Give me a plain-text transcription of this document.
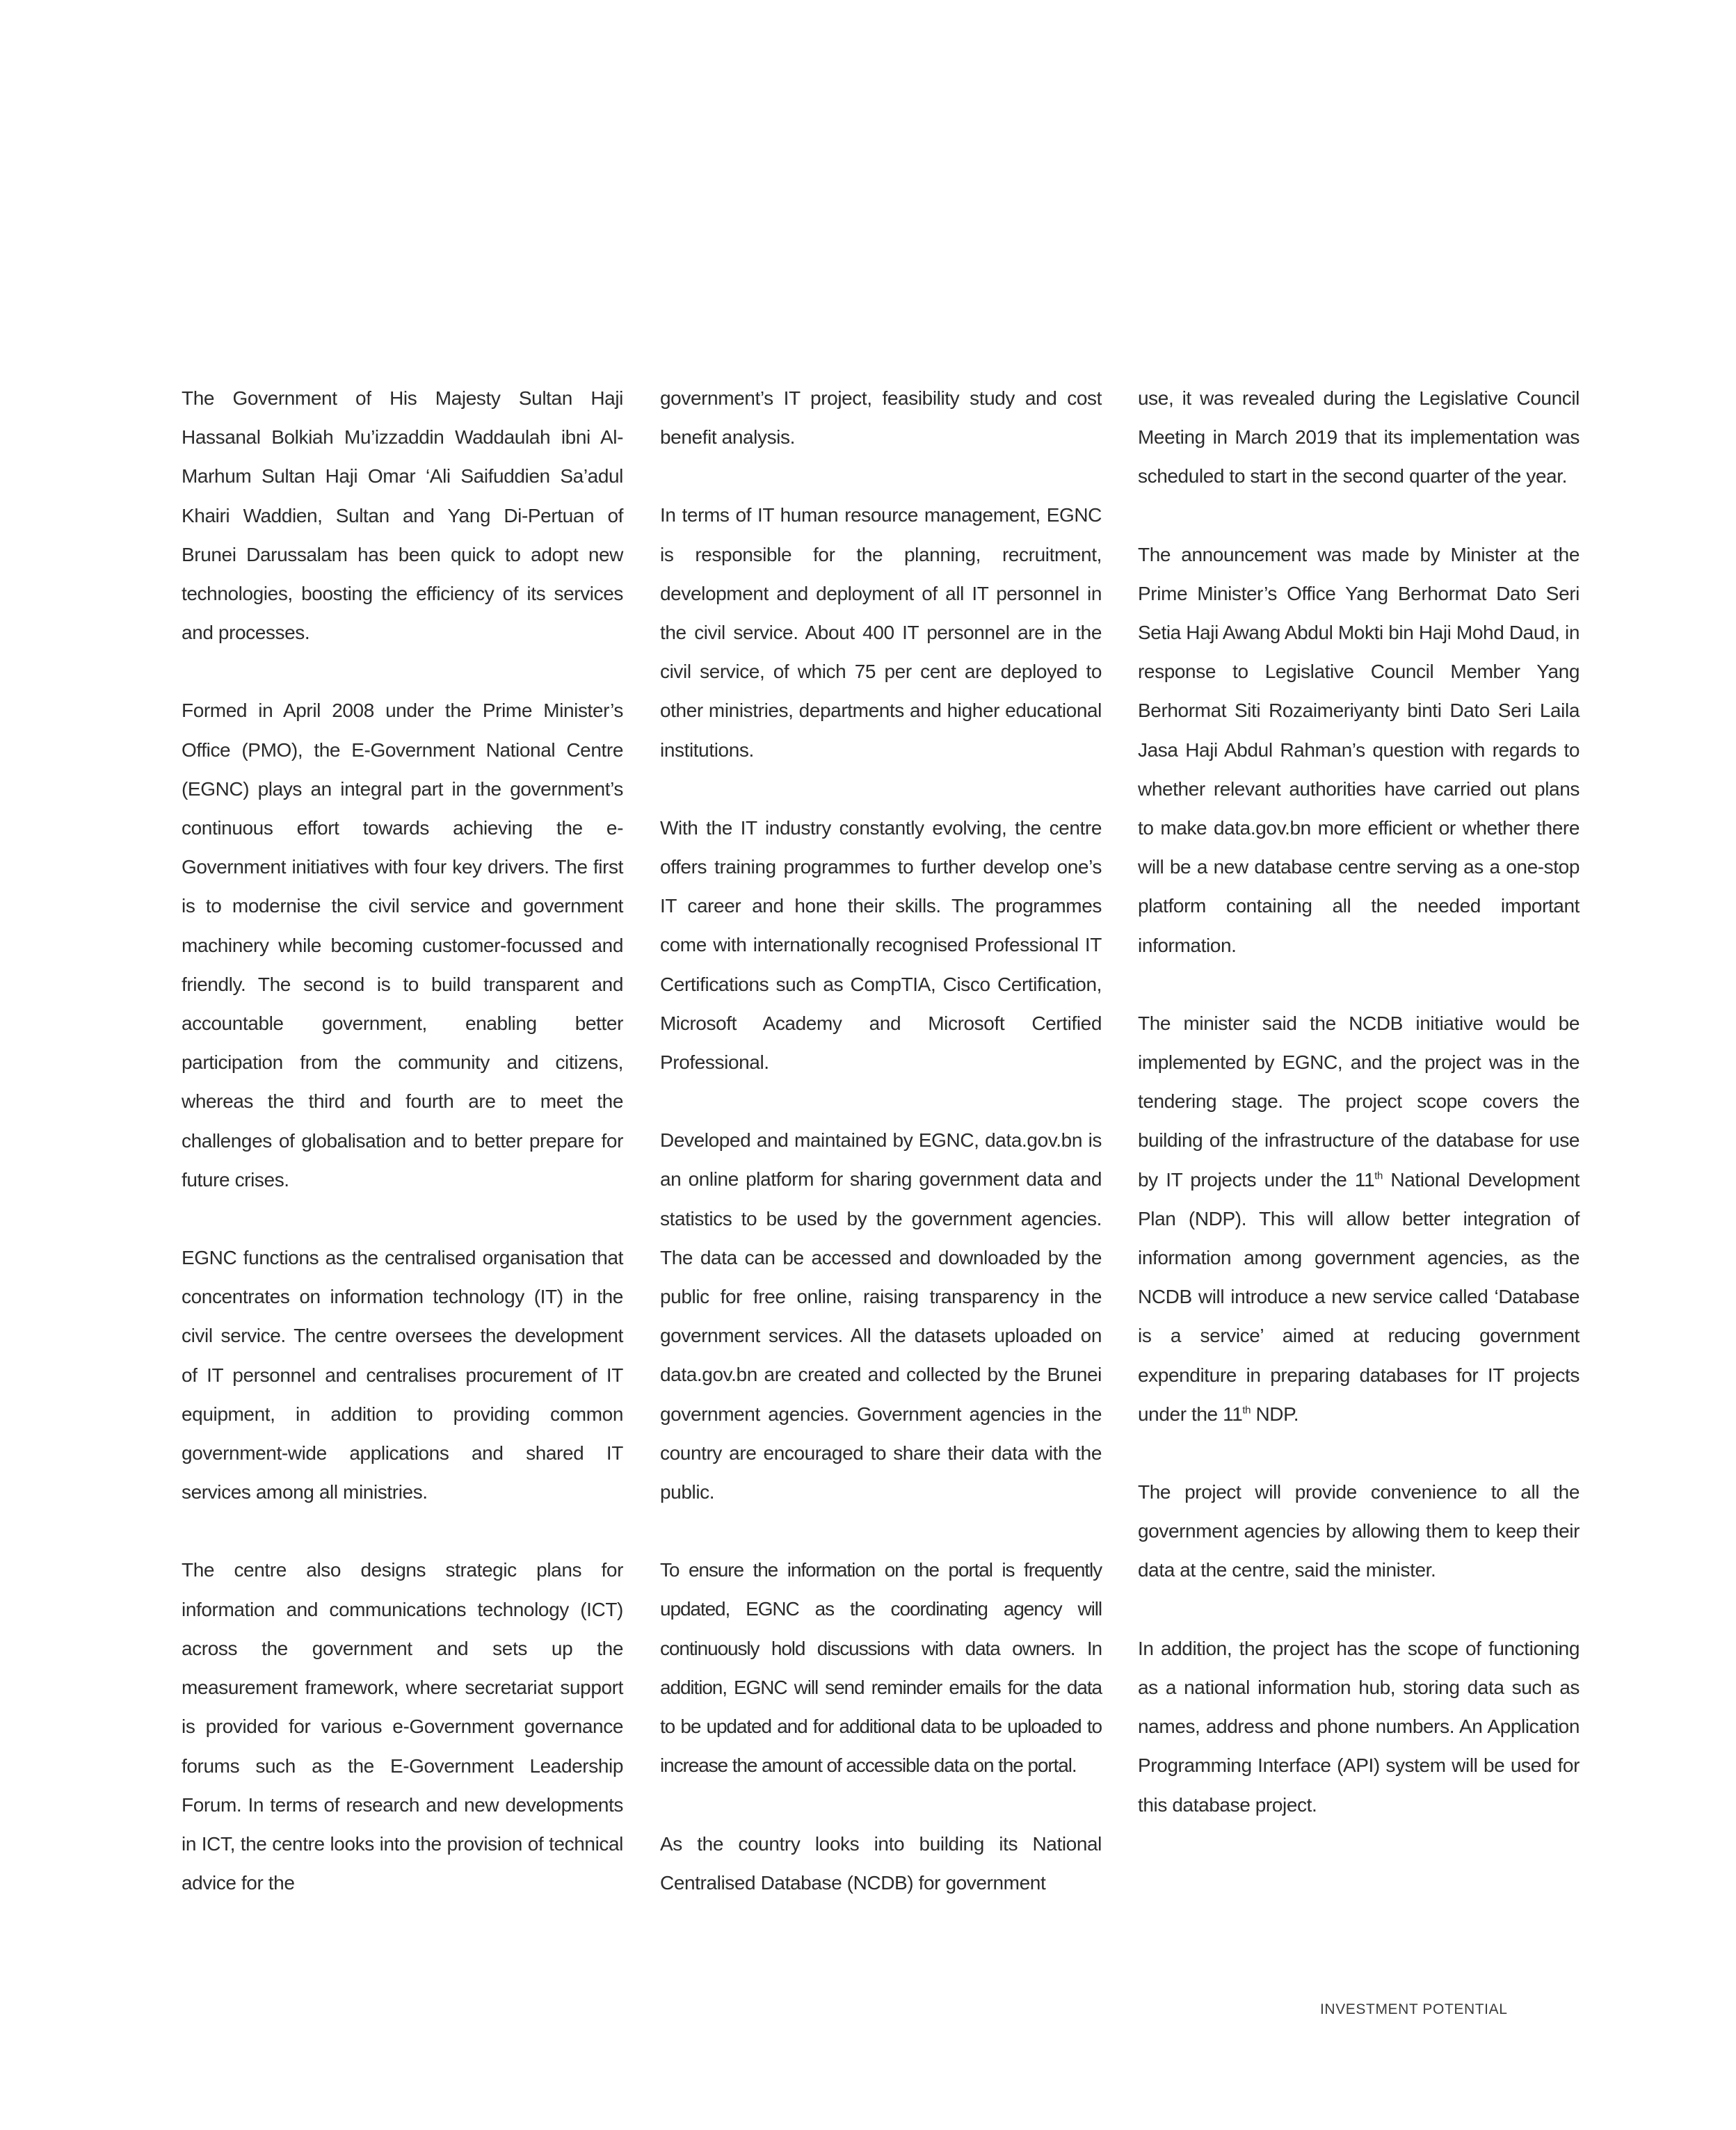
The Government of His Majesty Sultan Haji Hassanal Bolkiah Mu’izzaddin Waddaulah ibni Al-Marhum Sultan Haji Omar ‘Ali Saifuddien Sa’adul Khairi Waddien, Sultan and Yang Di-Pertuan of Brunei Darussalam has been quick to adopt new technologies, boosting the efficiency of its services and processes.

Formed in April 2008 under the Prime Minister’s Office (PMO), the E-Government National Centre (EGNC) plays an integral part in the government’s continuous effort towards achieving the e-Government initiatives with four key drivers. The first is to modernise the civil service and government machinery while becoming customer-focussed and friendly. The second is to build transparent and accountable government, enabling better participation from the community and citizens, whereas the third and fourth are to meet the challenges of globalisation and to better prepare for future crises.

EGNC functions as the centralised organisation that concentrates on information technology (IT) in the civil service. The centre oversees the development of IT personnel and centralises procurement of IT equipment, in addition to providing common government-wide applications and shared IT services among all ministries.

The centre also designs strategic plans for information and communications technology (ICT) across the government and sets up the measurement framework, where secretariat support is provided for various e-Government governance forums such as the E-Government Leadership Forum. In terms of research and new developments in ICT, the centre looks into the provision of technical advice for the

government’s IT project, feasibility study and cost benefit analysis.

In terms of IT human resource management, EGNC is responsible for the planning, recruitment, development and deployment of all IT personnel in the civil service. About 400 IT personnel are in the civil service, of which 75 per cent are deployed to other ministries, departments and higher educational institutions.

With the IT industry constantly evolving, the centre offers training programmes to further develop one’s IT career and hone their skills. The programmes come with internationally recognised Professional IT Certifications such as CompTIA, Cisco Certification, Microsoft Academy and Microsoft Certified Professional.

Developed and maintained by EGNC, data.gov.bn is an online platform for sharing government data and statistics to be used by the government agencies. The data can be accessed and downloaded by the public for free online, raising transparency in the government services. All the datasets uploaded on data.gov.bn are created and collected by the Brunei government agencies. Government agencies in the country are encouraged to share their data with the public.

To ensure the information on the portal is frequently updated, EGNC as the coordinating agency will continuously hold discussions with data owners. In addition, EGNC will send reminder emails for the data to be updated and for additional data to be uploaded to increase the amount of accessible data on the portal.

As the country looks into building its National Centralised Database (NCDB) for government

use, it was revealed during the Legislative Council Meeting in March 2019 that its implementation was scheduled to start in the second quarter of the year.

The announcement was made by Minister at the Prime Minister’s Office Yang Berhormat Dato Seri Setia Haji Awang Abdul Mokti bin Haji Mohd Daud, in response to Legislative Council Member Yang Berhormat Siti Rozaimeriyanty binti Dato Seri Laila Jasa Haji Abdul Rahman’s question with regards to whether relevant authorities have carried out plans to make data.gov.bn more efficient or whether there will be a new database centre serving as a one-stop platform containing all the needed important information.

The minister said the NCDB initiative would be implemented by EGNC, and the project was in the tendering stage. The project scope covers the building of the infrastructure of the database for use by IT projects under the 11th National Development Plan (NDP). This will allow better integration of information among government agencies, as the NCDB will introduce a new service called ‘Database is a service’ aimed at reducing government expenditure in preparing databases for IT projects under the 11th NDP.

The project will provide convenience to all the government agencies by allowing them to keep their data at the centre, said the minister.

In addition, the project has the scope of functioning as a national information hub, storing data such as names, address and phone numbers. An Application Programming Interface (API) system will be used for this database project.

INVESTMENT POTENTIAL
